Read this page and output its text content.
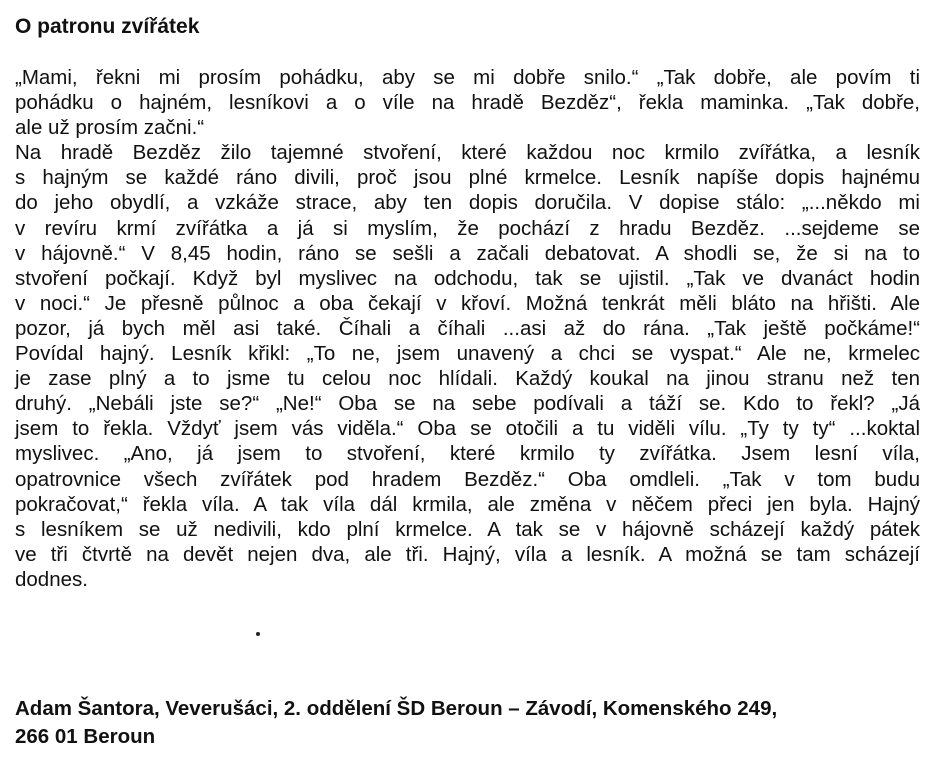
O patronu zvířátek
„Mami, řekni mi prosím pohádku, aby se mi dobře snilo.“ „Tak dobře, ale povím ti
pohádku o hajném, lesníkovi a o víle na hradě Bezděz“, řekla maminka. „Tak dobře,
ale už prosím začni.“
Na hradě Bezděz žilo tajemné stvoření, které každou noc krmilo zvířátka, a lesník
s hajným se každé ráno divili, proč jsou plné krmelce. Lesník napíše dopis hajnému
do jeho obydlí, a vzkáže strace, aby ten dopis doručila. V dopise stálo: „...někdo mi
v revíru krmí zvířátka a já si myslím, že pochází z hradu Bezděz. ...sejdeme se
v hájovně.“ V 8,45 hodin, ráno se sešli a začali debatovat. A shodli se, že si na to
stvoření počkají. Když byl myslivec na odchodu, tak se ujistil. „Tak ve dvanáct hodin
v noci.“ Je přesně půlnoc a oba čekají v křoví. Možná tenkrát měli bláto na hřišti. Ale
pozor, já bych měl asi také. Číhali a číhali ...asi až do rána. „Tak ještě počkáme!“
Povídal hajný. Lesník křikl: „To ne, jsem unavený a chci se vyspat.“ Ale ne, krmelec
je zase plný a to jsme tu celou noc hlídali. Každý koukal na jinou stranu než ten
druhý. „Nebáli jste se?“ „Ne!“ Oba se na sebe podívali a táží se. Kdo to řekl? „Já
jsem to řekla. Vždyť jsem vás viděla.“ Oba se otočili a tu viděli vílu. „Ty ty ty“ ...koktal
myslivec. „Ano, já jsem to stvoření, které krmilo ty zvířátka. Jsem lesní víla,
opatrovnice všech zvířátek pod hradem Bezděz.“ Oba omdleli. „Tak v tom budu
pokračovat,“ řekla víla. A tak víla dál krmila, ale změna v něčem přeci jen byla. Hajný
s lesníkem se už nedivili, kdo plní krmelce. A tak se v hájovně scházejí každý pátek
ve tři čtvrtě na devět nejen dva, ale tři. Hajný, víla a lesník. A možná se tam scházejí
dodnes.
Adam Šantora, Veverušáci, 2. oddělení ŠD Beroun – Závodí, Komenského 249,
266 01 Beroun
